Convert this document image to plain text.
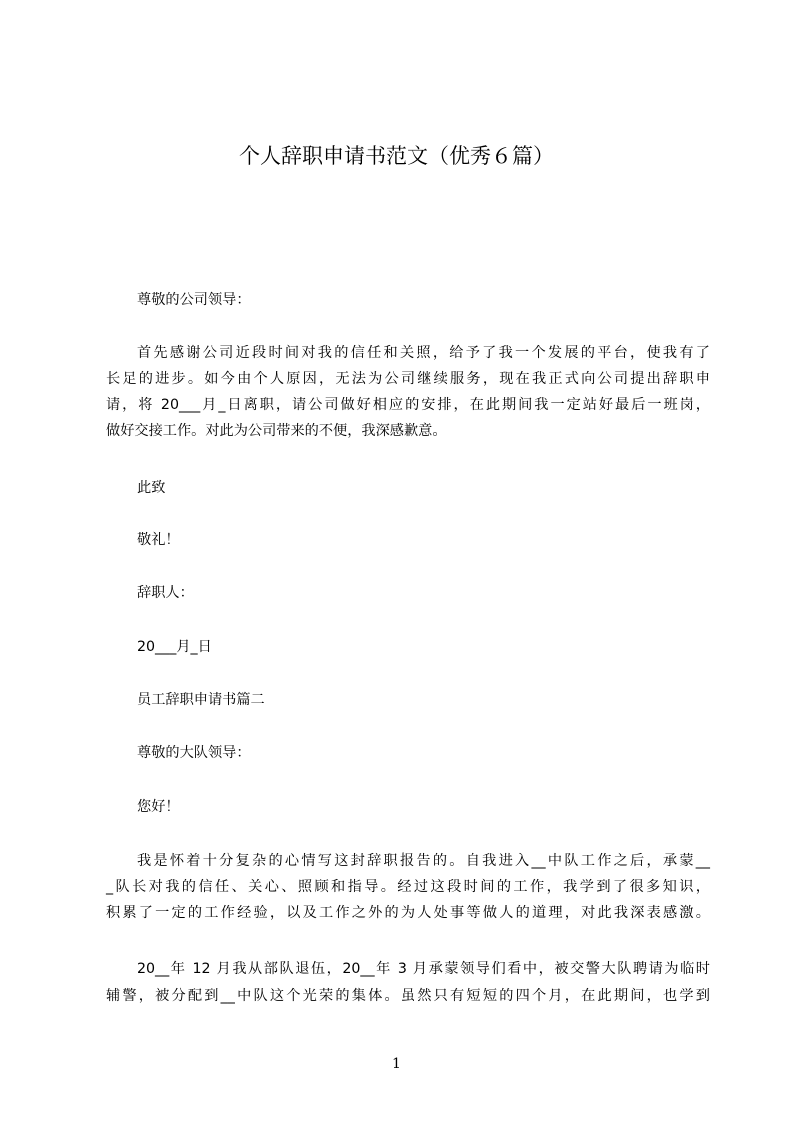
个人辞职申请书范文（优秀６篇）
尊敬的公司领导：
首先感谢公司近段时间对我的信任和关照，给予了我一个发展的平台，使我有了
长足的进步。如今由个人原因，无法为公司继续服务，现在我正式向公司提出辞职申
请，将 20___月_日离职，请公司做好相应的安排，在此期间我一定站好最后一班岗，
做好交接工作。对此为公司带来的不便，我深感歉意。
此致
敬礼！
辞职人：
20___月_日
员工辞职申请书篇二
尊敬的大队领导：
您好！
我是怀着十分复杂的心情写这封辞职报告的。自我进入__中队工作之后，承蒙__
_队长对我的信任、关心、照顾和指导。经过这段时间的工作，我学到了很多知识，
积累了一定的工作经验，以及工作之外的为人处事等做人的道理，对此我深表感激。
20__年 12 月我从部队退伍，20__年 3 月承蒙领导们看中，被交警大队聘请为临时
辅警，被分配到__中队这个光荣的集体。虽然只有短短的四个月，在此期间，也学到
1
